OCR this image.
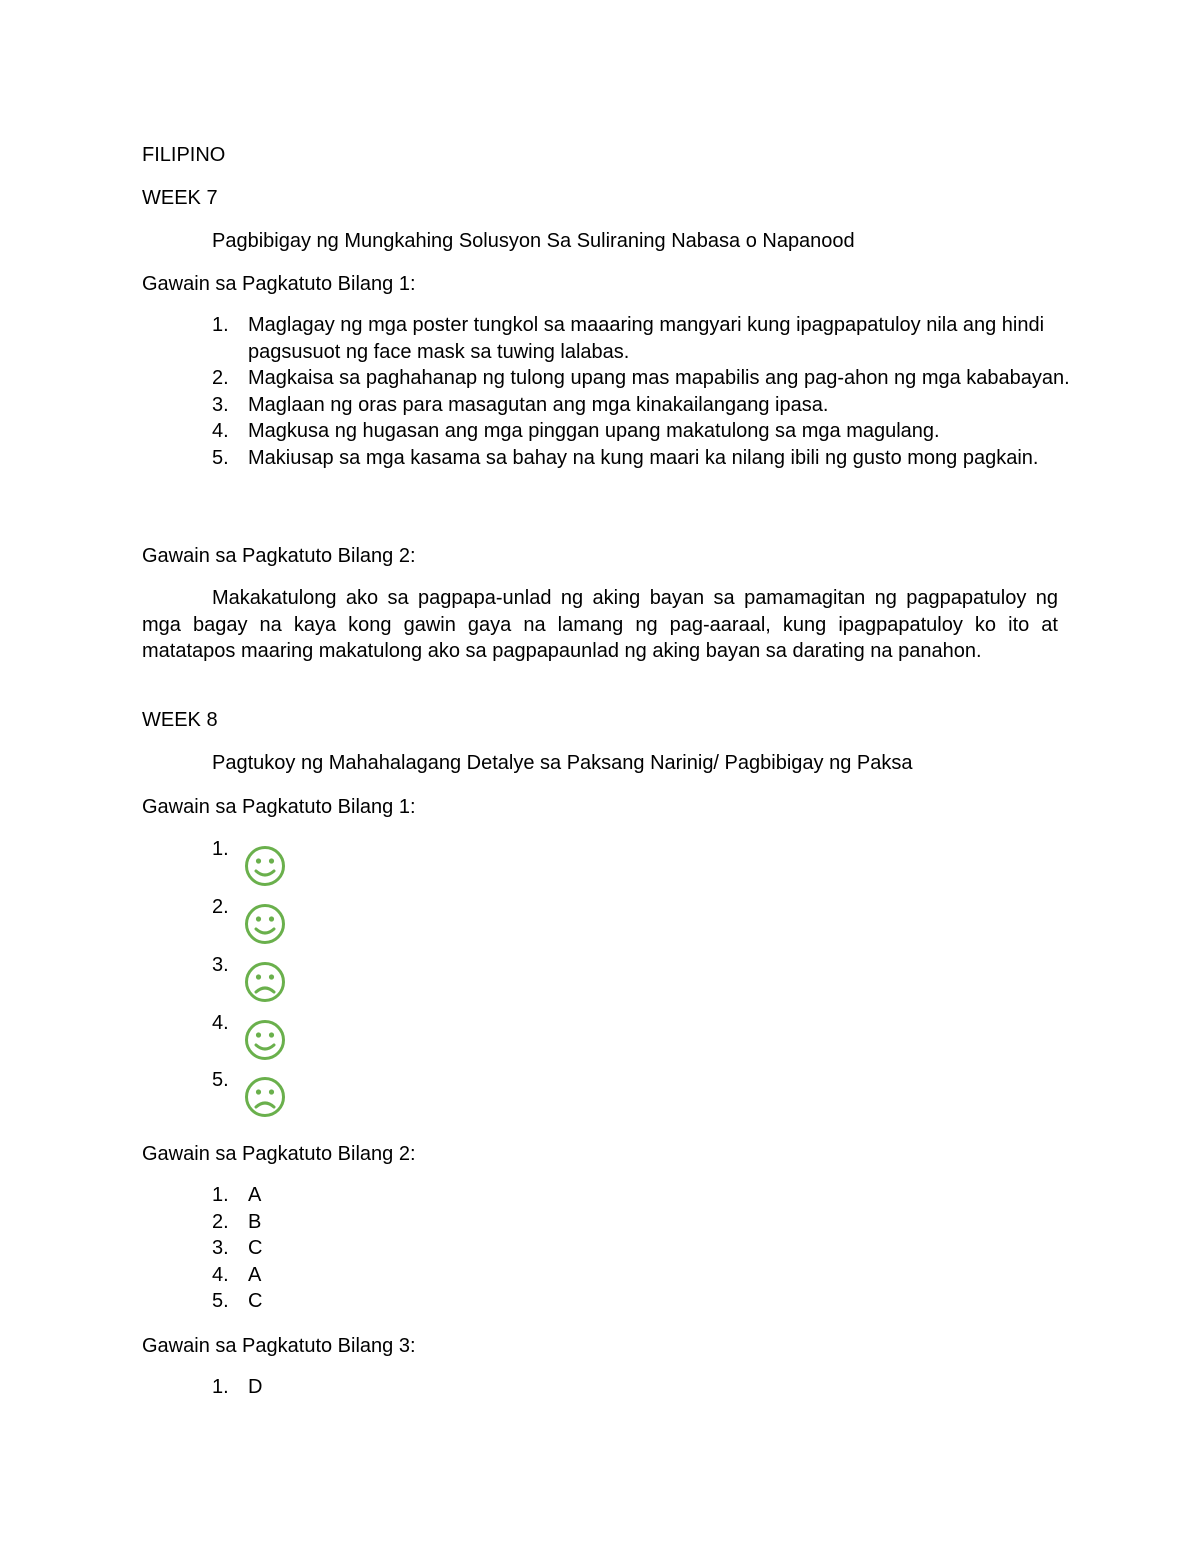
FILIPINO
WEEK 7
Pagbibigay ng Mungkahing Solusyon Sa Suliraning Nabasa o Napanood
Gawain sa Pagkatuto Bilang 1:
1. Maglagay ng mga poster tungkol sa maaaring mangyari kung ipagpapatuloy nila ang hindi pagsusuot ng face mask sa tuwing lalabas.
2. Magkaisa sa paghahanap ng tulong upang mas mapabilis ang pag-ahon ng mga kababayan.
3. Maglaan ng oras para masagutan ang mga kinakailangang ipasa.
4. Magkusa ng hugasan ang mga pinggan upang makatulong sa mga magulang.
5. Makiusap sa mga kasama sa bahay na kung maari ka nilang ibili ng gusto mong pagkain.
Gawain sa Pagkatuto Bilang 2:
Makakatulong ako sa pagpapa-unlad ng aking bayan sa pamamagitan ng pagpapatuloy ng mga bagay na kaya kong gawin gaya na lamang ng pag-aaraal, kung ipagpapatuloy ko ito at matatapos maaring makatulong ako sa pagpapaunlad ng aking bayan sa darating na panahon.
WEEK 8
Pagtukoy ng Mahahalagang Detalye sa Paksang Narinig/ Pagbibigay ng Paksa
Gawain sa Pagkatuto Bilang 1:
1.
2.
3.
4.
5.
Gawain sa Pagkatuto Bilang 2:
1. A
2. B
3. C
4. A
5. C
Gawain sa Pagkatuto Bilang 3:
1. D
